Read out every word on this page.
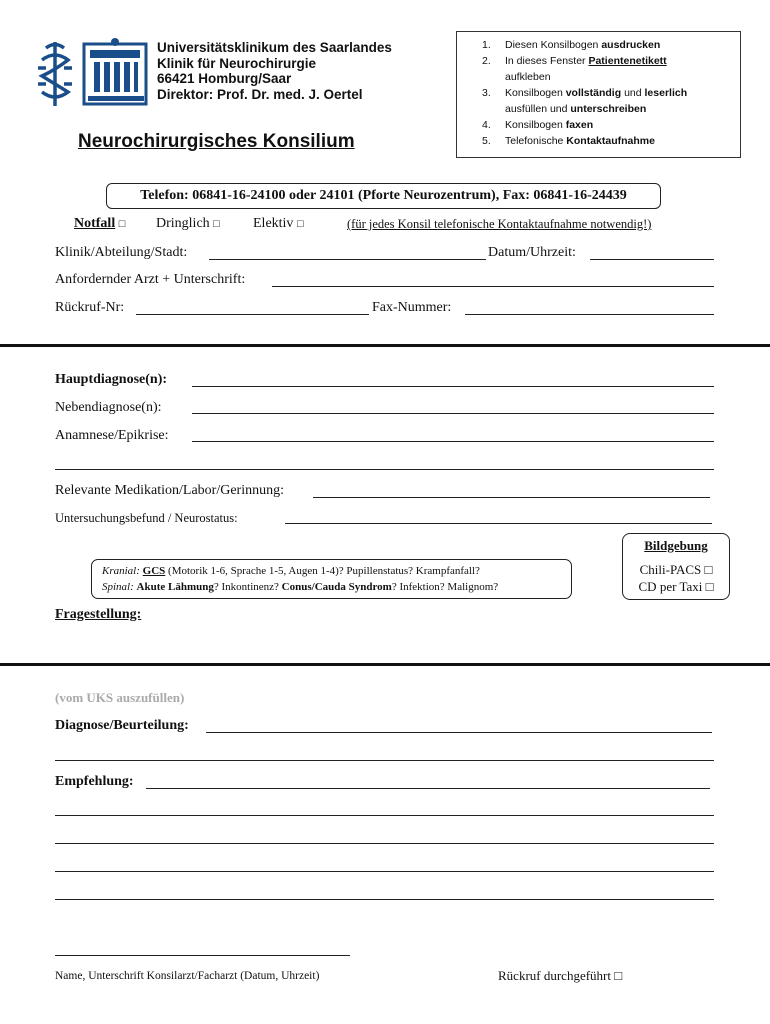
Universitätsklinikum des Saarlandes
Klinik für Neurochirurgie
66421 Homburg/Saar
Direktor: Prof. Dr. med. J. Oertel
Neurochirurgisches Konsilium
1. Diesen Konsilbogen ausdrucken
2. In dieses Fenster Patientenetikett
aufkleben
3. Konsilbogen vollständig und leserlich
ausfüllen und unterschreiben
4. Konsilbogen faxen
5. Telefonische Kontaktaufnahme
Telefon: 06841-16-24100 oder 24101 (Pforte Neurozentrum), Fax: 06841-16-24439
Notfall □ Dringlich □ Elektiv □	(für jedes Konsil telefonische Kontaktaufnahme notwendig!)
Klinik/Abteilung/Stadt:	Datum/Uhrzeit:
Anfordernder Arzt + Unterschrift:
Rückruf-Nr:	Fax-Nummer:
Hauptdiagnose(n):
Nebendiagnose(n):
Anamnese/Epikrise:
Relevante Medikation/Labor/Gerinnung:
Untersuchungsbefund / Neurostatus:
Kranial: GCS (Motorik 1-6, Sprache 1-5, Augen 1-4)? Pupillenstatus? Krampfanfall?
Spinal: Akute Lähmung? Inkontinenz? Conus/Cauda Syndrom? Infektion? Malignom?
Bildgebung
Chili-PACS □
CD per Taxi □
Fragestellung:
(vom UKS auszufüllen)
Diagnose/Beurteilung:
Empfehlung:
Name, Unterschrift Konsilarzt/Facharzt (Datum, Uhrzeit)	Rückruf durchgeführt □
